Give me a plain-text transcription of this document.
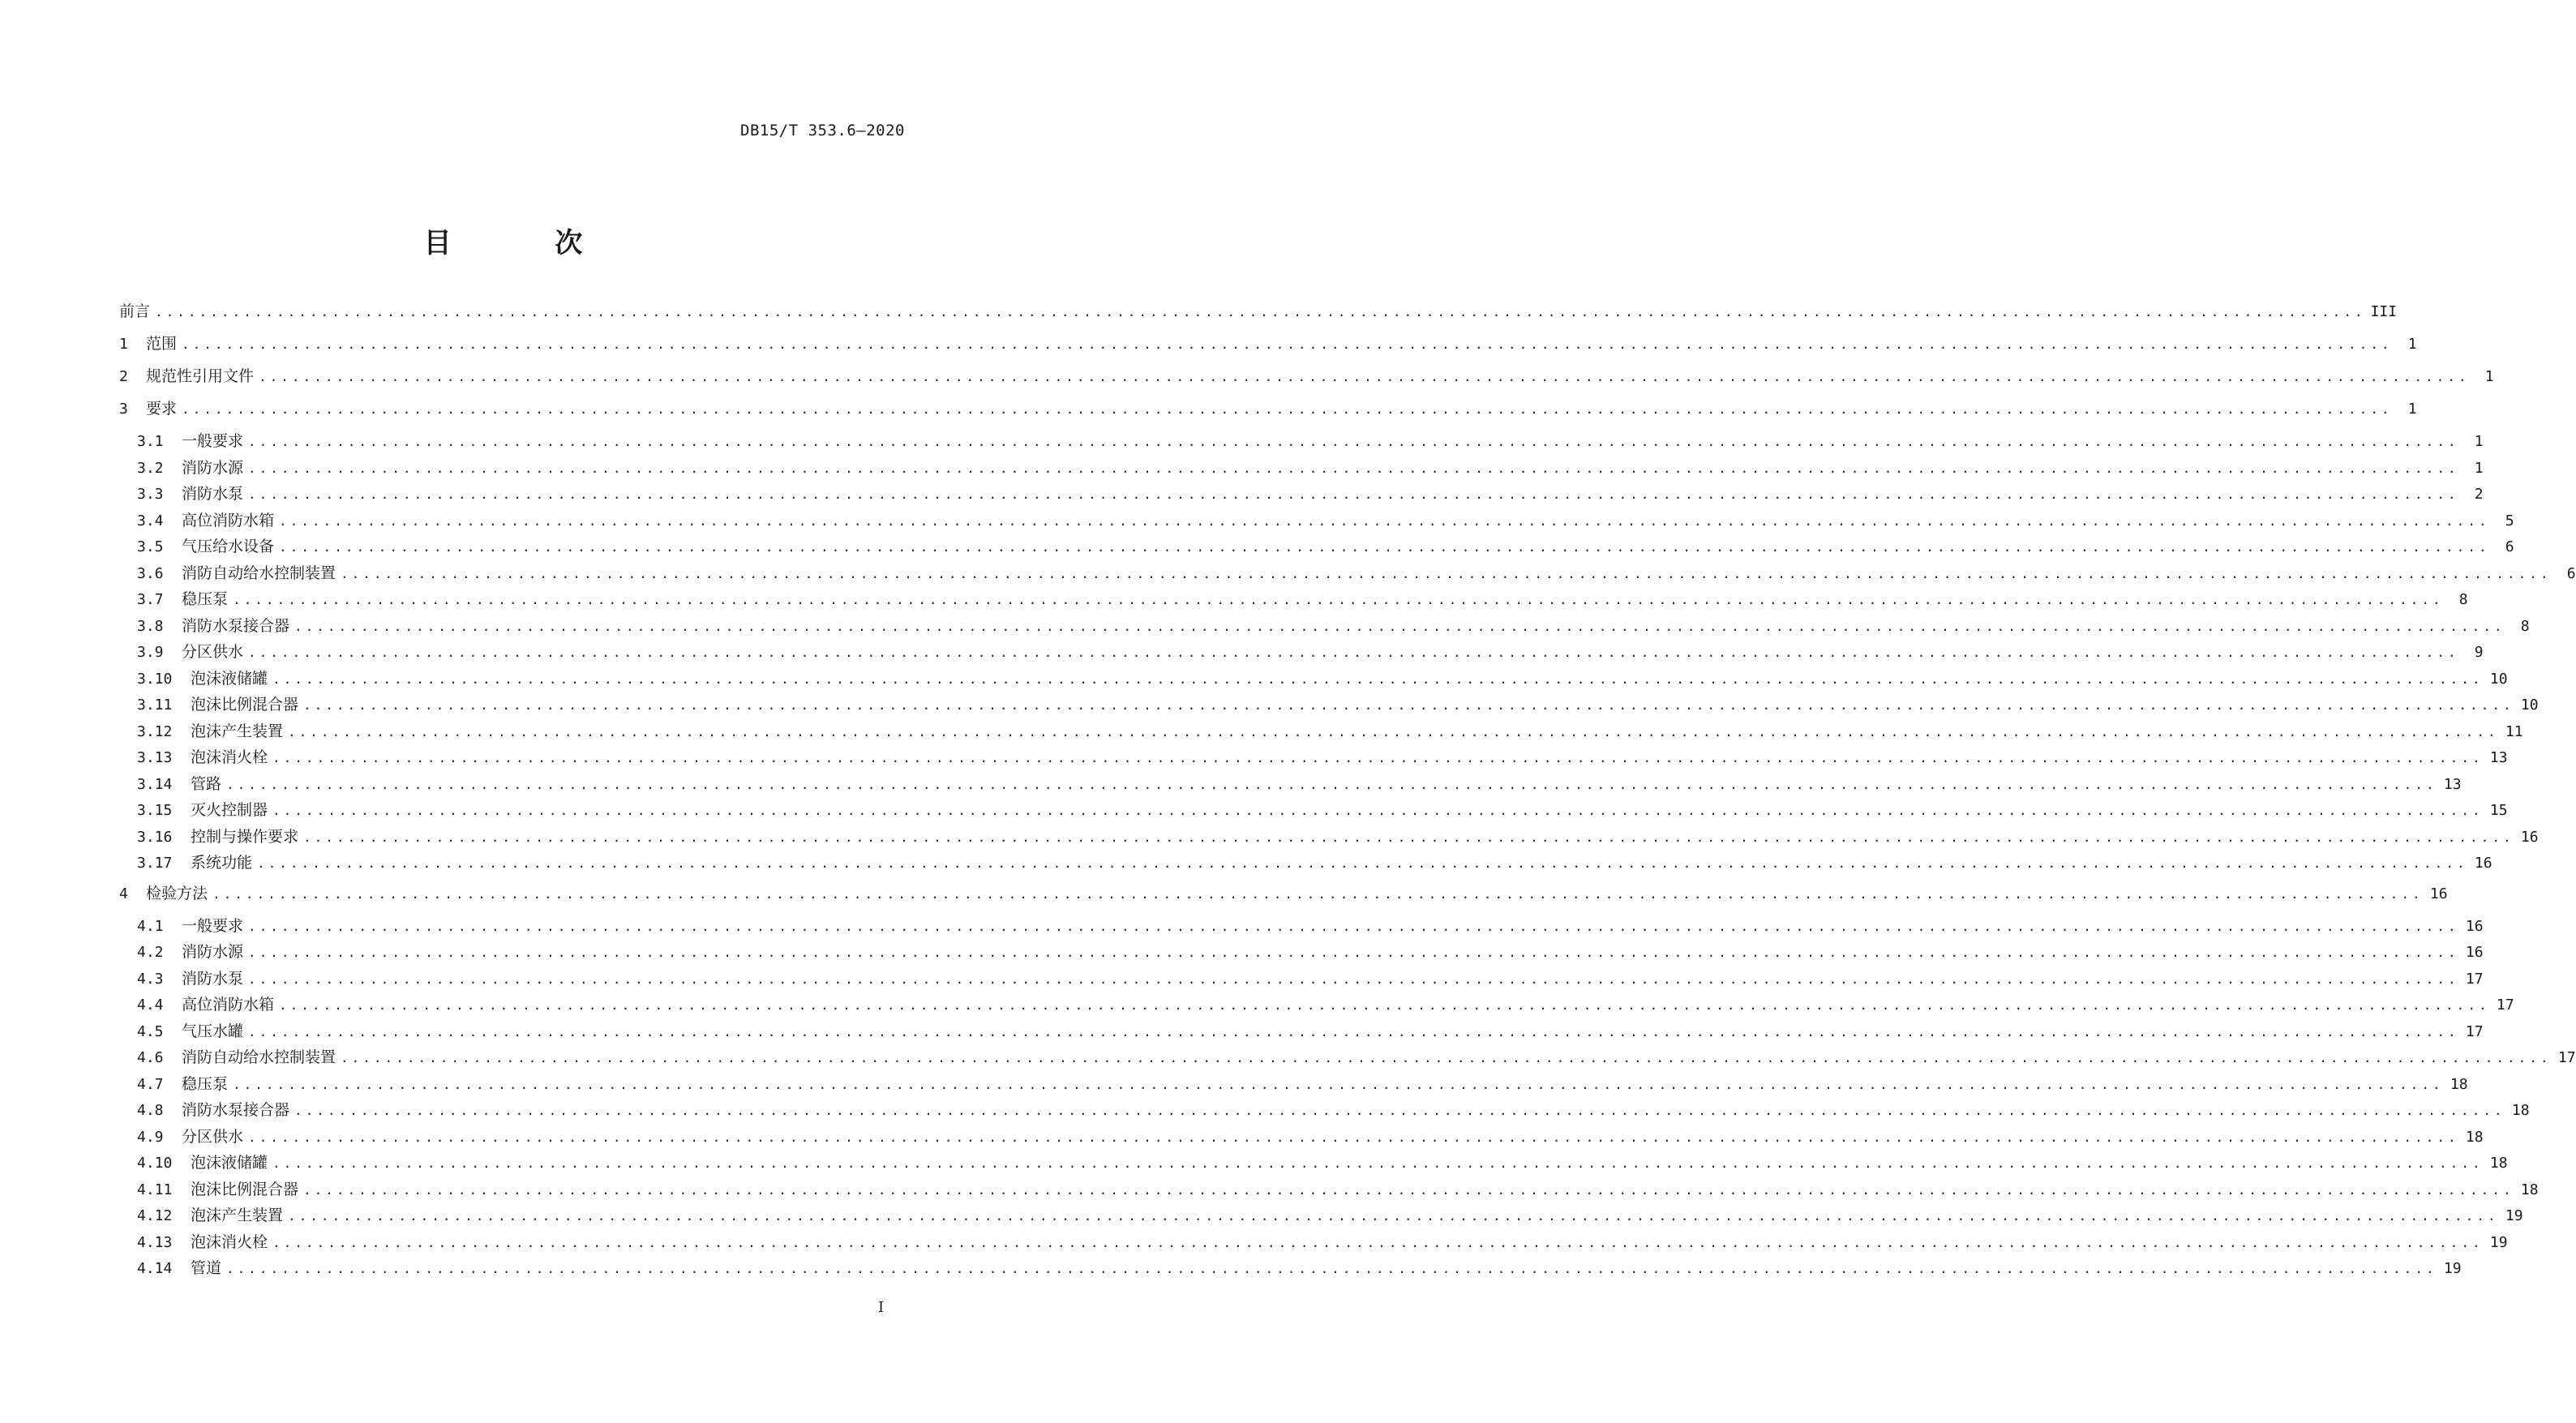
DB15/T 353.6—2020
目 次
前言 ........................................................................................................................................................................................................ III
1	范围 ........................................................................................................................................................................................................	1
2	规范性引用文件 ........................................................................................................................................................................................................	1
3	要求 ........................................................................................................................................................................................................	1
3.1	一般要求 ........................................................................................................................................................................................................	1
3.2	消防水源 ........................................................................................................................................................................................................	1
3.3	消防水泵 ........................................................................................................................................................................................................	2
3.4	高位消防水箱 ........................................................................................................................................................................................................	5
3.5	气压给水设备 ........................................................................................................................................................................................................	6
3.6	消防自动给水控制装置 ........................................................................................................................................................................................................	6
3.7	稳压泵 ........................................................................................................................................................................................................	8
3.8	消防水泵接合器 ........................................................................................................................................................................................................	8
3.9	分区供水 ........................................................................................................................................................................................................	9
3.10	泡沫液储罐 ........................................................................................................................................................................................................ 10
3.11	泡沫比例混合器 ........................................................................................................................................................................................................ 10
3.12	泡沫产生装置 ........................................................................................................................................................................................................ 11
3.13	泡沫消火栓 ........................................................................................................................................................................................................ 13
3.14	管路 ........................................................................................................................................................................................................ 13
3.15	灭火控制器 ........................................................................................................................................................................................................ 15
3.16	控制与操作要求 ........................................................................................................................................................................................................ 16
3.17	系统功能 ........................................................................................................................................................................................................ 16
4	检验方法 ........................................................................................................................................................................................................ 16
4.1	一般要求 ........................................................................................................................................................................................................ 16
4.2	消防水源 ........................................................................................................................................................................................................ 16
4.3	消防水泵 ........................................................................................................................................................................................................ 17
4.4	高位消防水箱 ........................................................................................................................................................................................................ 17
4.5	气压水罐 ........................................................................................................................................................................................................ 17
4.6	消防自动给水控制装置 ........................................................................................................................................................................................................ 17
4.7	稳压泵 ........................................................................................................................................................................................................ 18
4.8	消防水泵接合器 ........................................................................................................................................................................................................ 18
4.9	分区供水 ........................................................................................................................................................................................................ 18
4.10	泡沫液储罐 ........................................................................................................................................................................................................ 18
4.11	泡沫比例混合器 ........................................................................................................................................................................................................ 18
4.12	泡沫产生装置 ........................................................................................................................................................................................................ 19
4.13	泡沫消火栓 ........................................................................................................................................................................................................ 19
4.14	管道 ........................................................................................................................................................................................................ 19
I
